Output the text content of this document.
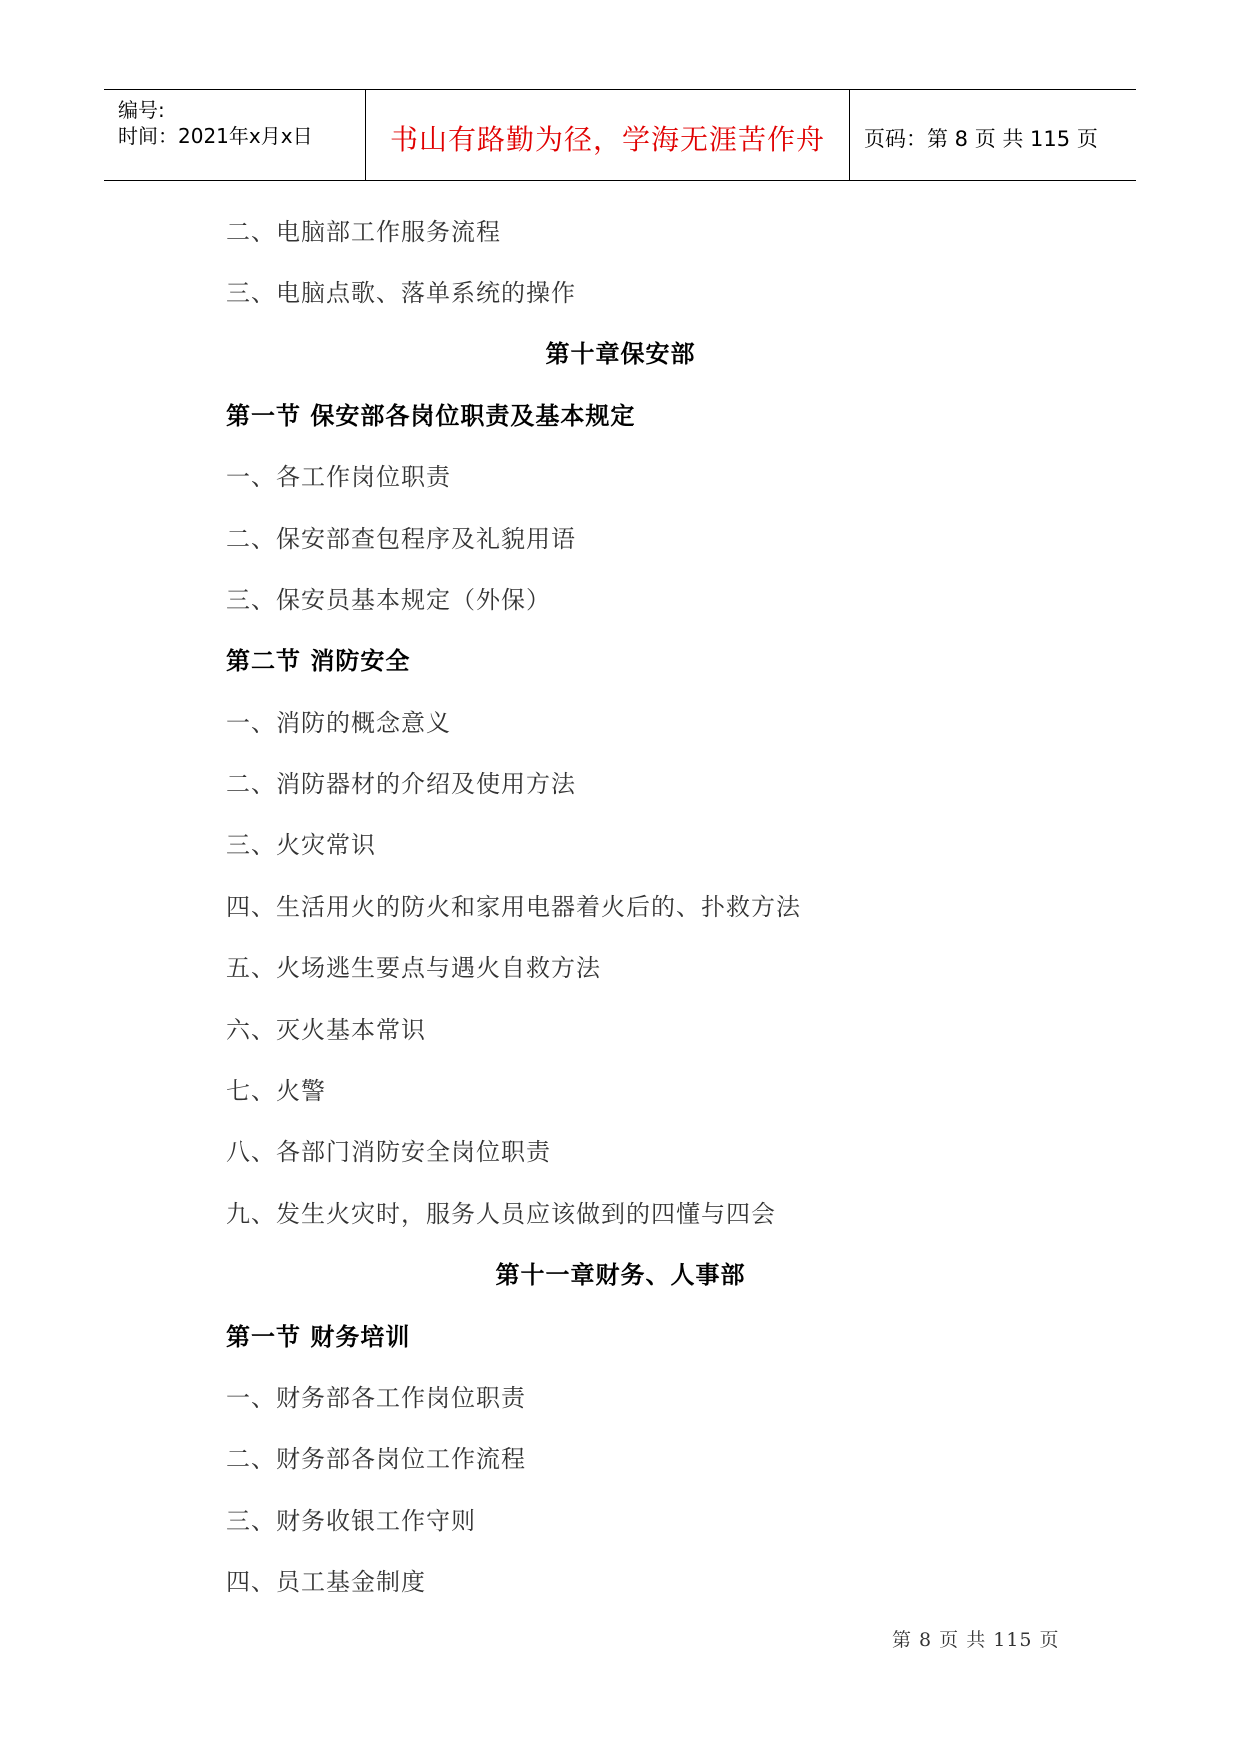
编号:
时间：2021年x月x日	书山有路勤为径，学海无涯苦作舟	页码：第 8 页 共 115 页
二、电脑部工作服务流程
三、电脑点歌、落单系统的操作
第十章保安部
第一节 保安部各岗位职责及基本规定
一、各工作岗位职责
二、保安部查包程序及礼貌用语
三、保安员基本规定（外保）
第二节 消防安全
一、消防的概念意义
二、消防器材的介绍及使用方法
三、火灾常识
四、生活用火的防火和家用电器着火后的、扑救方法
五、火场逃生要点与遇火自救方法
六、灭火基本常识
七、火警
八、各部门消防安全岗位职责
九、发生火灾时，服务人员应该做到的四懂与四会
第十一章财务、人事部
第一节 财务培训
一、财务部各工作岗位职责
二、财务部各岗位工作流程
三、财务收银工作守则
四、员工基金制度
第 8 页 共 115 页
